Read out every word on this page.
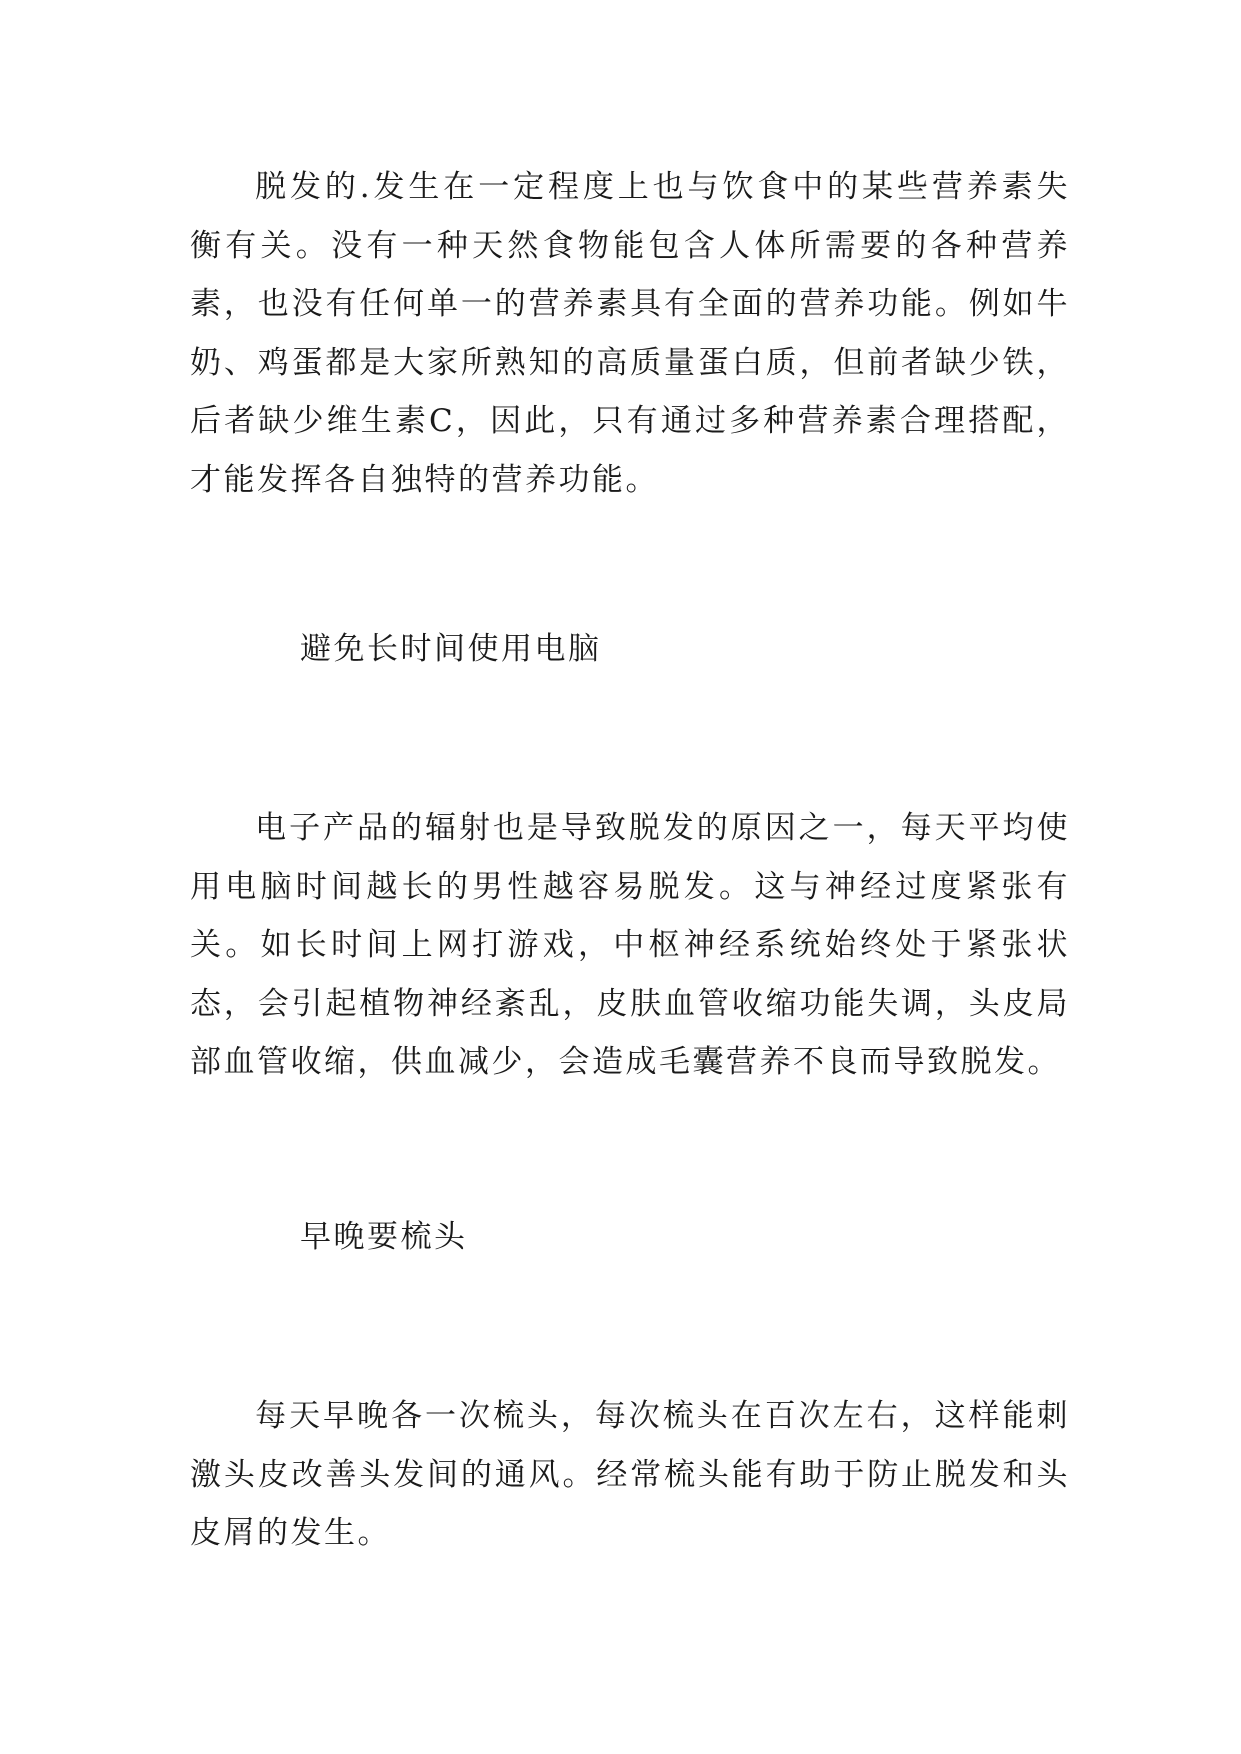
脱发的.发生在一定程度上也与饮食中的某些营养素失衡有关。没有一种天然食物能包含人体所需要的各种营养素，也没有任何单一的营养素具有全面的营养功能。例如牛奶、鸡蛋都是大家所熟知的高质量蛋白质，但前者缺少铁，后者缺少维生素C，因此，只有通过多种营养素合理搭配，才能发挥各自独特的营养功能。

避免长时间使用电脑

电子产品的辐射也是导致脱发的原因之一，每天平均使用电脑时间越长的男性越容易脱发。这与神经过度紧张有关。如长时间上网打游戏，中枢神经系统始终处于紧张状态，会引起植物神经紊乱，皮肤血管收缩功能失调，头皮局部血管收缩，供血减少，会造成毛囊营养不良而导致脱发。

早晚要梳头

每天早晚各一次梳头，每次梳头在百次左右，这样能刺激头皮改善头发间的通风。经常梳头能有助于防止脱发和头皮屑的发生。
